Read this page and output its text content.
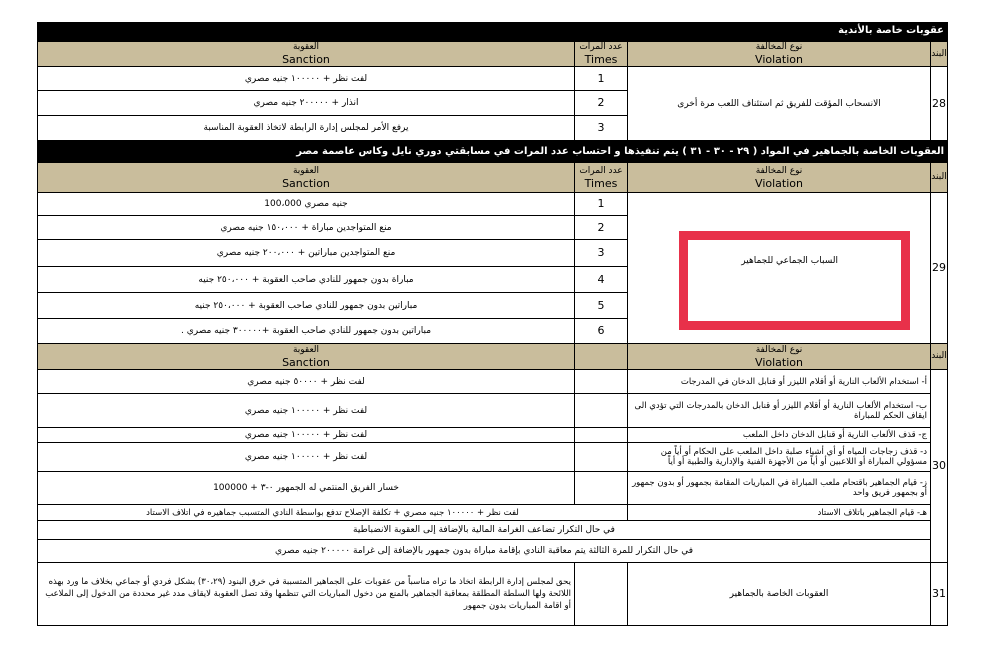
عقوبات خاصة بالأندية
البند
نوع المخالفة
Violation
عدد المرات
Times
العقوبة
Sanction
28
الانسحاب المؤقت للفريق ثم استئناف اللعب مرة أخرى
1
لفت نظر + ١٠٠٠٠٠ جنيه مصري
2
انذار + ٢٠٠٠٠٠ جنيه مصري
3
يرفع الأمر لمجلس إدارة الرابطة لاتخاذ العقوبة المناسبة
العقوبات الخاصة بالجماهير في المواد ( ٢٩ - ٣٠ - ٣١ ) يتم تنفيذها و احتساب عدد المرات في مسابقتي دوري نايل وكاس عاصمة مصر
البند
نوع المخالفة
Violation
عدد المرات
Times
العقوبة
Sanction
29
السباب الجماعي للجماهير
1
جنيه مصري 100،000
2
منع المتواجدين مباراة + ١٥٠،٠٠٠ جنيه مصري
3
منع المتواجدين مباراتين + ٢٠٠،٠٠٠ جنيه مصري
4
مباراة بدون جمهور للنادي صاحب العقوبة + ٢٥٠،٠٠٠ جنيه
5
مباراتين بدون جمهور للنادي صاحب العقوبة + ٢٥٠،٠٠٠ جنيه
6
مباراتين بدون جمهور للنادي صاحب العقوبة +٣٠٠٠٠٠ جنيه مصري .
البند
نوع المخالفة
Violation
العقوبة
Sanction
30
أ- استخدام الألعاب النارية أو أقلام الليزر أو قنابل الدخان في المدرجات
لفت نظر + ٥٠٠٠٠ جنيه مصري
ب- استخدام الألعاب النارية أو أقلام الليزر أو قنابل الدخان بالمدرجات التي تؤدي الى ايقاف الحكم للمباراة
لفت نظر + ١٠٠٠٠٠ جنيه مصري
ج- قذف الألعاب النارية أو قنابل الدخان داخل الملعب
لفت نظر + ١٠٠٠٠٠ جنيه مصري
د- قذف زجاجات المياه أو أي أشياء صلبة داخل الملعب على الحكام أو أياً من مسؤولي المباراة أو اللاعبين أو أياً من الأجهزة الفنية والإدارية والطبية أو أياً
لفت نظر + ١٠٠٠٠٠ جنيه مصري
ز- قيام الجماهير باقتحام ملعب المباراة في المباريات المقامة بجمهور أو بدون جمهور أو بجمهور فريق واحد
خسار الفريق المنتمي له الجمهور ٠-٣ + 100000
هـ- قيام الجماهير باتلاف الاستاد
لفت نظر + ١٠٠٠٠٠ جنيه مصري + تكلفة الإصلاح تدفع بواسطة النادي المتسبب جماهيره في اتلاف الاستاد
في حال التكرار تضاعف الغرامة المالية بالإضافة إلى العقوبة الانضباطية
في حال التكرار للمرة الثالثة يتم معاقبة النادي بإقامة مباراة بدون جمهور بالإضافة إلى غرامة ٢٠٠٠٠٠ جنيه مصري
31
العقوبات الخاصة بالجماهير
يحق لمجلس إدارة الرابطة اتخاذ ما تراه مناسباً من عقوبات على الجماهير المتسببة في خرق البنود (٣٠،٢٩) بشكل فردي أو جماعي بخلاف ما ورد بهذه اللائحة ولها السلطة المطلقة بمعاقبة الجماهير بالمنع من دخول المباريات التي تنظمها وقد تصل العقوبة لايقاف مدد غير محددة من الدخول إلى الملاعب أو اقامة المباريات بدون جمهور
